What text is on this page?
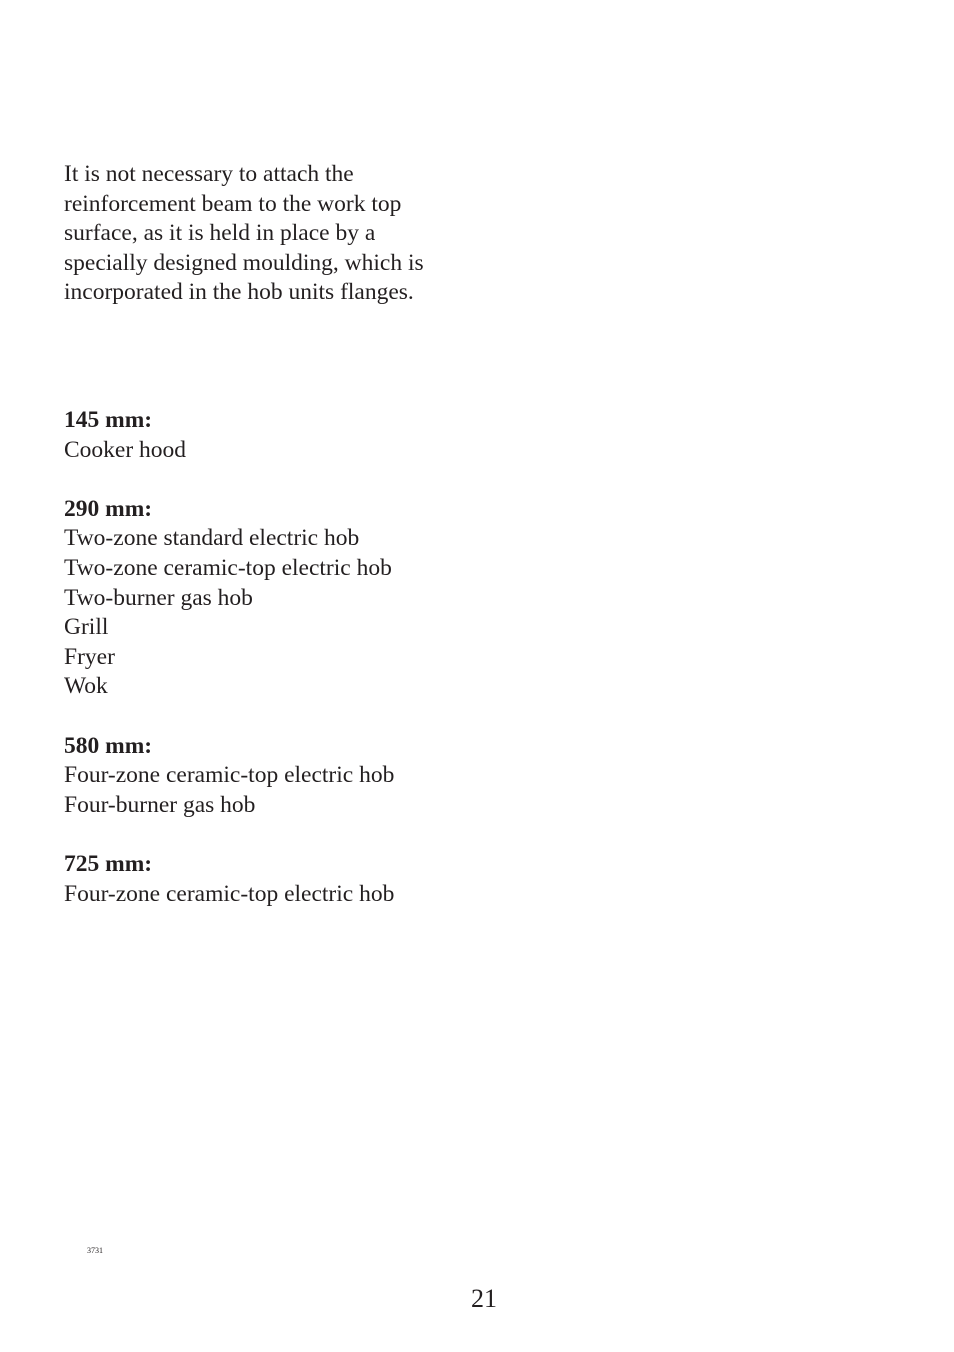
It is not necessary to attach the
reinforcement beam to the work top
surface, as it is held in place by a
specially designed moulding, which is
incorporated in the hob units flanges.
145 mm:
Cooker hood
290 mm:
Two-zone standard electric hob
Two-zone ceramic-top electric hob
Two-burner gas hob
Grill
Fryer
Wok
580 mm:
Four-zone ceramic-top electric hob
Four-burner gas hob
725 mm:
Four-zone ceramic-top electric hob
3731
21
